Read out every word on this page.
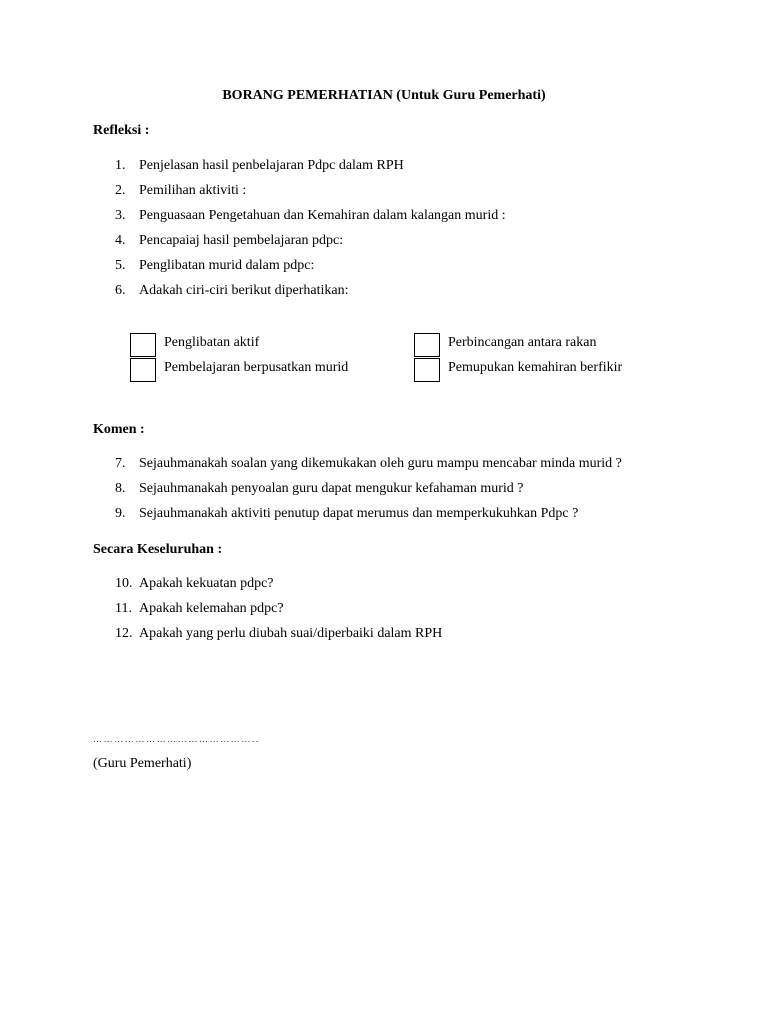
BORANG PEMERHATIAN (Untuk Guru Pemerhati)
Refleksi :
1. Penjelasan hasil penbelajaran Pdpc dalam RPH
2. Pemilihan aktiviti :
3. Penguasaan Pengetahuan dan Kemahiran dalam kalangan murid :
4. Pencapaiaj hasil pembelajaran pdpc:
5. Penglibatan murid dalam pdpc:
6. Adakah ciri-ciri berikut diperhatikan:
Penglibatan aktif
Pembelajaran berpusatkan murid
Perbincangan antara rakan
Pemupukan kemahiran berfikir
Komen :
7. Sejauhmanakah soalan yang dikemukakan oleh guru mampu mencabar minda murid ?
8. Sejauhmanakah penyoalan guru dapat mengukur kefahaman murid ?
9. Sejauhmanakah aktiviti penutup dapat merumus dan memperkukuhkan Pdpc ?
Secara Keseluruhan :
10. Apakah kekuatan pdpc?
11. Apakah kelemahan pdpc?
12. Apakah yang perlu diubah suai/diperbaiki dalam RPH
………………………………………..
(Guru Pemerhati)
